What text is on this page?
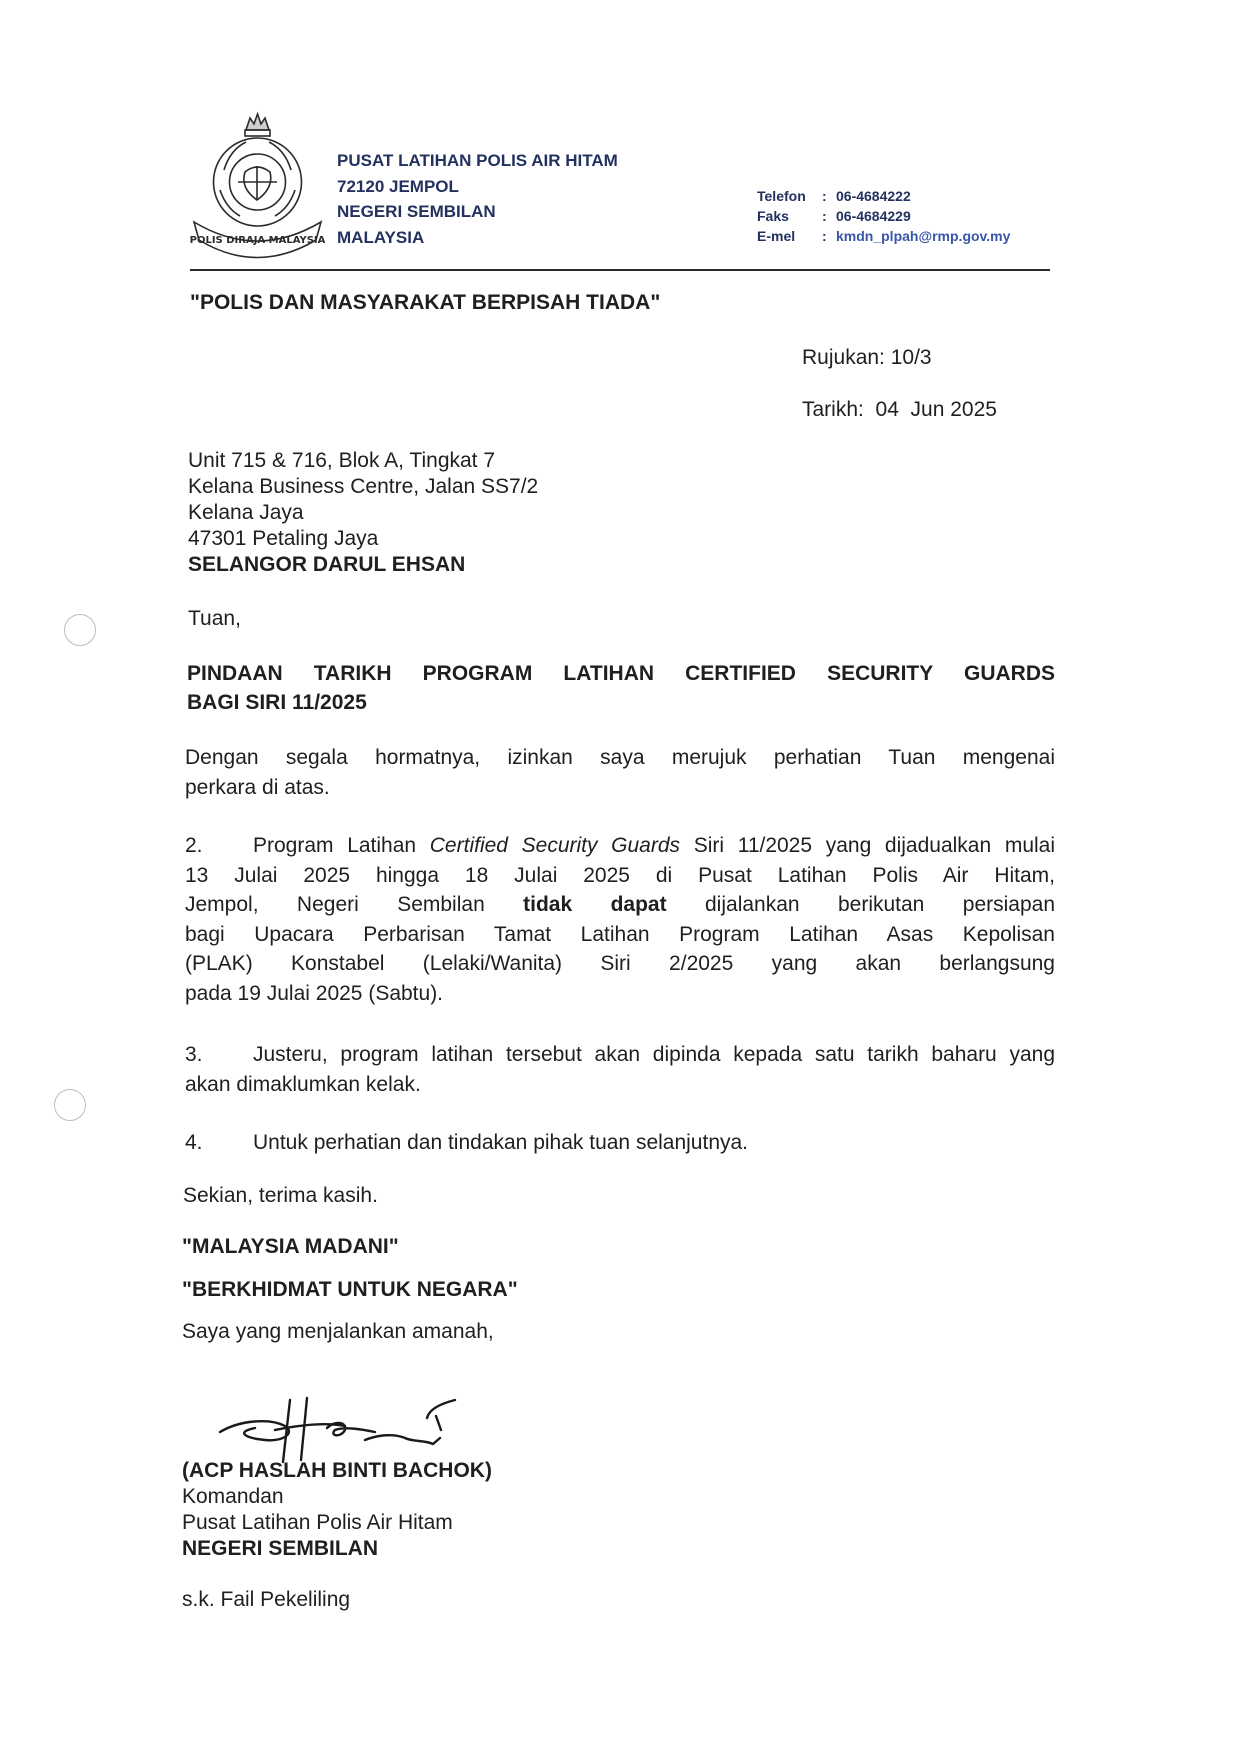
POLIS DIRAJA MALAYSIA
PUSAT LATIHAN POLIS AIR HITAM
72120 JEMPOL
NEGERI SEMBILAN
MALAYSIA
Telefon : 06-4684222
Faks : 06-4684229
E-mel : kmdn_plpah@rmp.gov.my
"POLIS DAN MASYARAKAT BERPISAH TIADA"
Rujukan: 10/3
Tarikh:  04  Jun 2025
Unit 715 & 716, Blok A, Tingkat 7
Kelana Business Centre, Jalan SS7/2
Kelana Jaya
47301 Petaling Jaya
SELANGOR DARUL EHSAN
Tuan,
PINDAAN TARIKH PROGRAM LATIHAN CERTIFIED SECURITY GUARDS
BAGI SIRI 11/2025
Dengan segala hormatnya, izinkan saya merujuk perhatian Tuan mengenai
perkara di atas.
2. Program Latihan Certified Security Guards Siri 11/2025 yang dijadualkan mulai
13 Julai 2025 hingga 18 Julai 2025 di Pusat Latihan Polis Air Hitam,
Jempol, Negeri Sembilan tidak dapat dijalankan berikutan persiapan
bagi Upacara Perbarisan Tamat Latihan Program Latihan Asas Kepolisan
(PLAK) Konstabel (Lelaki/Wanita) Siri 2/2025 yang akan berlangsung
pada 19 Julai 2025 (Sabtu).
3. Justeru, program latihan tersebut akan dipinda kepada satu tarikh baharu yang
akan dimaklumkan kelak.
4. Untuk perhatian dan tindakan pihak tuan selanjutnya.
Sekian, terima kasih.
"MALAYSIA MADANI"
"BERKHIDMAT UNTUK NEGARA"
Saya yang menjalankan amanah,
(ACP HASLAH BINTI BACHOK)
Komandan
Pusat Latihan Polis Air Hitam
NEGERI SEMBILAN
s.k. Fail Pekeliling
